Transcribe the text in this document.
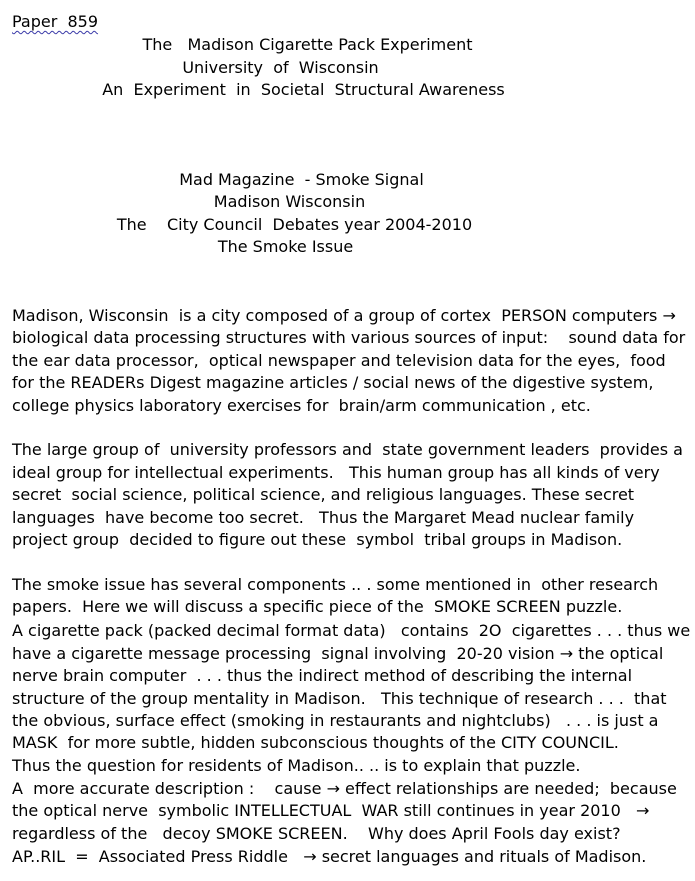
Paper  859
The   Madison Cigarette Pack Experiment
University  of  Wisconsin
An  Experiment  in  Societal  Structural Awareness
Mad Magazine  - Smoke Signal
Madison Wisconsin
The    City Council  Debates year 2004-2010
The Smoke Issue
Madison, Wisconsin  is a city composed of a group of cortex  PERSON computers →
biological data processing structures with various sources of input:    sound data for
the ear data processor,  optical newspaper and television data for the eyes,  food
for the READERs Digest magazine articles / social news of the digestive system,
college physics laboratory exercises for  brain/arm communication , etc.
The large group of  university professors and  state government leaders  provides a
ideal group for intellectual experiments.   This human group has all kinds of very
secret  social science, political science, and religious languages. These secret
languages  have become too secret.   Thus the Margaret Mead nuclear family
project group  decided to figure out these  symbol  tribal groups in Madison.
The smoke issue has several components .. . some mentioned in  other research
papers.  Here we will discuss a specific piece of the  SMOKE SCREEN puzzle.
A cigarette pack (packed decimal format data)   contains  2O  cigarettes . . . thus we
have a cigarette message processing  signal involving  20-20 vision → the optical
nerve brain computer  . . . thus the indirect method of describing the internal
structure of the group mentality in Madison.   This technique of research . . .  that
the obvious, surface effect (smoking in restaurants and nightclubs)   . . . is just a
MASK  for more subtle, hidden subconscious thoughts of the CITY COUNCIL.
Thus the question for residents of Madison.. .. is to explain that puzzle.
A  more accurate description :    cause → effect relationships are needed;  because
the optical nerve  symbolic INTELLECTUAL  WAR still continues in year 2010   →
regardless of the   decoy SMOKE SCREEN.    Why does April Fools day exist?
AP..RIL  =  Associated Press Riddle   → secret languages and rituals of Madison.
